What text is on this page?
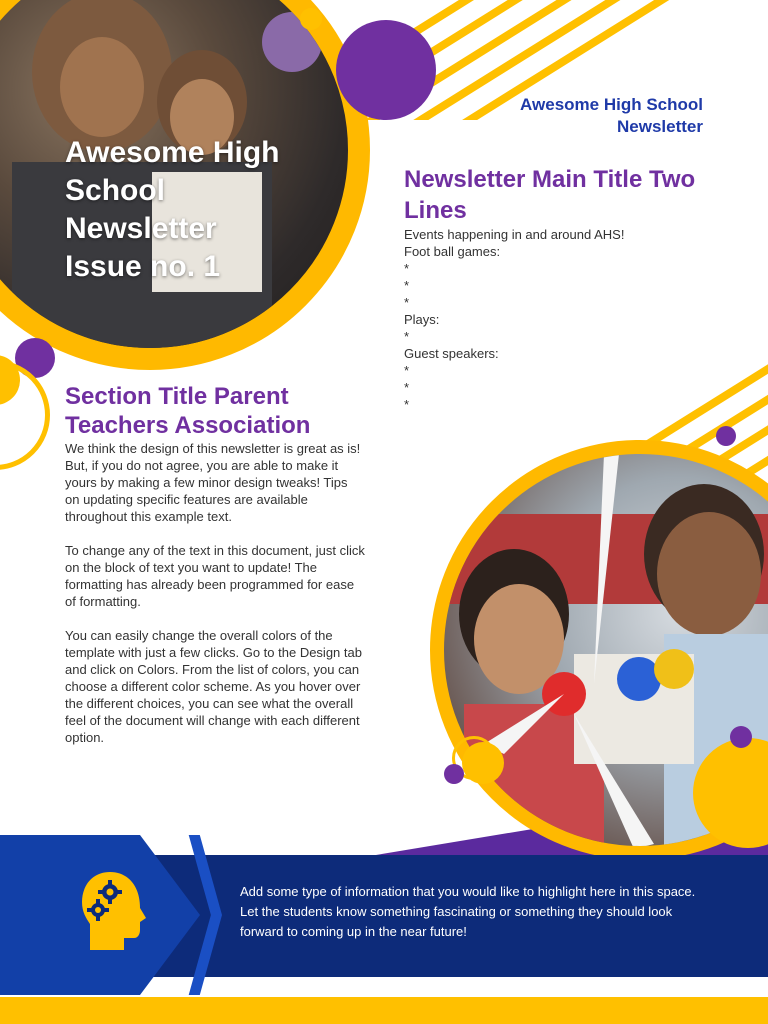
Awesome High
School
Newsletter
Issue no. 1
Awesome High School
Newsletter
Newsletter Main Title Two Lines
Events happening in and around AHS!
Foot ball games:
*
*
*
Plays:
*
Guest speakers:
*
*
*
Section Title Parent Teachers Association

We think the design of this newsletter is great as is! But, if you do not agree, you are able to make it yours by making a few minor design tweaks! Tips on updating specific features are available throughout this example text.

To change any of the text in this document, just click on the block of text you want to update! The formatting has already been programmed for ease of formatting.

You can easily change the overall colors of the template with just a few clicks. Go to the Design tab and click on Colors. From the list of colors, you can choose a different color scheme. As you hover over the different choices, you can see what the overall feel of the document will change with each different option.

Add some type of information that you would like to highlight here in this space. Let the students know something fascinating or something they should look forward to coming up in the near future!
